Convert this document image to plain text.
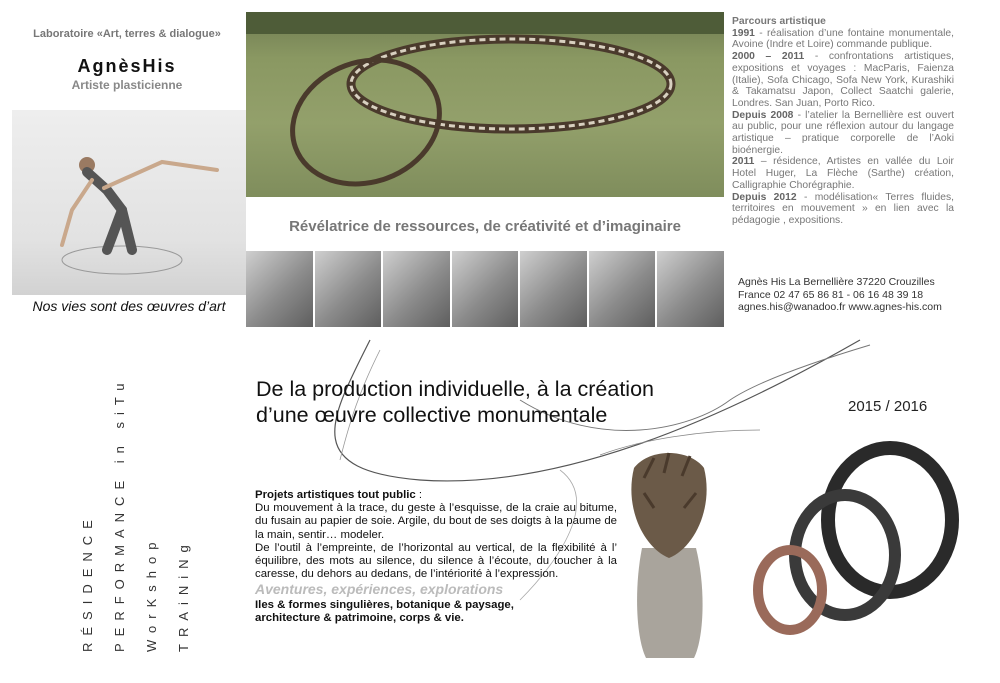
Laboratoire «Art, terres & dialogue»
AgnèsHis
Artiste plasticienne
Nos vies sont des œuvres d’art
Révélatrice de ressources, de créativité et d’imaginaire
Parcours artistique
1991 - réalisation d’une fontaine monumentale, Avoine (Indre et Loire) commande publique.
2000 – 2011 - confrontations artistiques, expositions et voyages : MacParis, Faienza (Italie), Sofa Chicago, Sofa New York, Kurashiki & Takamatsu Japon, Collect Saatchi galerie, Londres. San Juan, Porto Rico.
Depuis 2008 - l’atelier la Bernellière est ouvert au public, pour une réflexion autour du langage artistique – pratique corporelle de l’Aoki bioénergie.
2011 – résidence, Artistes en vallée du Loir Hotel Huger, La Flèche (Sarthe) création, Calligraphie Chorégraphie.
Depuis 2012 - modélisation« Terres fluides, territoires en mouvement » en lien avec la pédagogie , expositions.
Agnès His La Bernellière 37220 Crouzilles
France 02 47 65 86 81 - 06 16 48 39 18
agnes.his@wanadoo.fr www.agnes-his.com
De la production individuelle, à la création
d’une œuvre collective monumentale	2015 / 2016
RÉSIDENCE PERFORMANCE in siTu WorKshop TRAiNiNg
Projets artistiques tout public :
Du mouvement à la trace, du geste à l’esquisse, de la craie au bitume, du fusain au papier de soie. Argile, du bout de ses doigts à la paume de la main, sentir… modeler.
De l’outil à l’empreinte, de l’horizontal au vertical, de la flexibilité à l’ équilibre, des mots au silence, du silence à l’écoute, du toucher à la caresse, du dehors au dedans, de l’intériorité à l’expression.
Aventures, expériences, explorations
Iles & formes singulières, botanique & paysage,
architecture & patrimoine, corps & vie.
